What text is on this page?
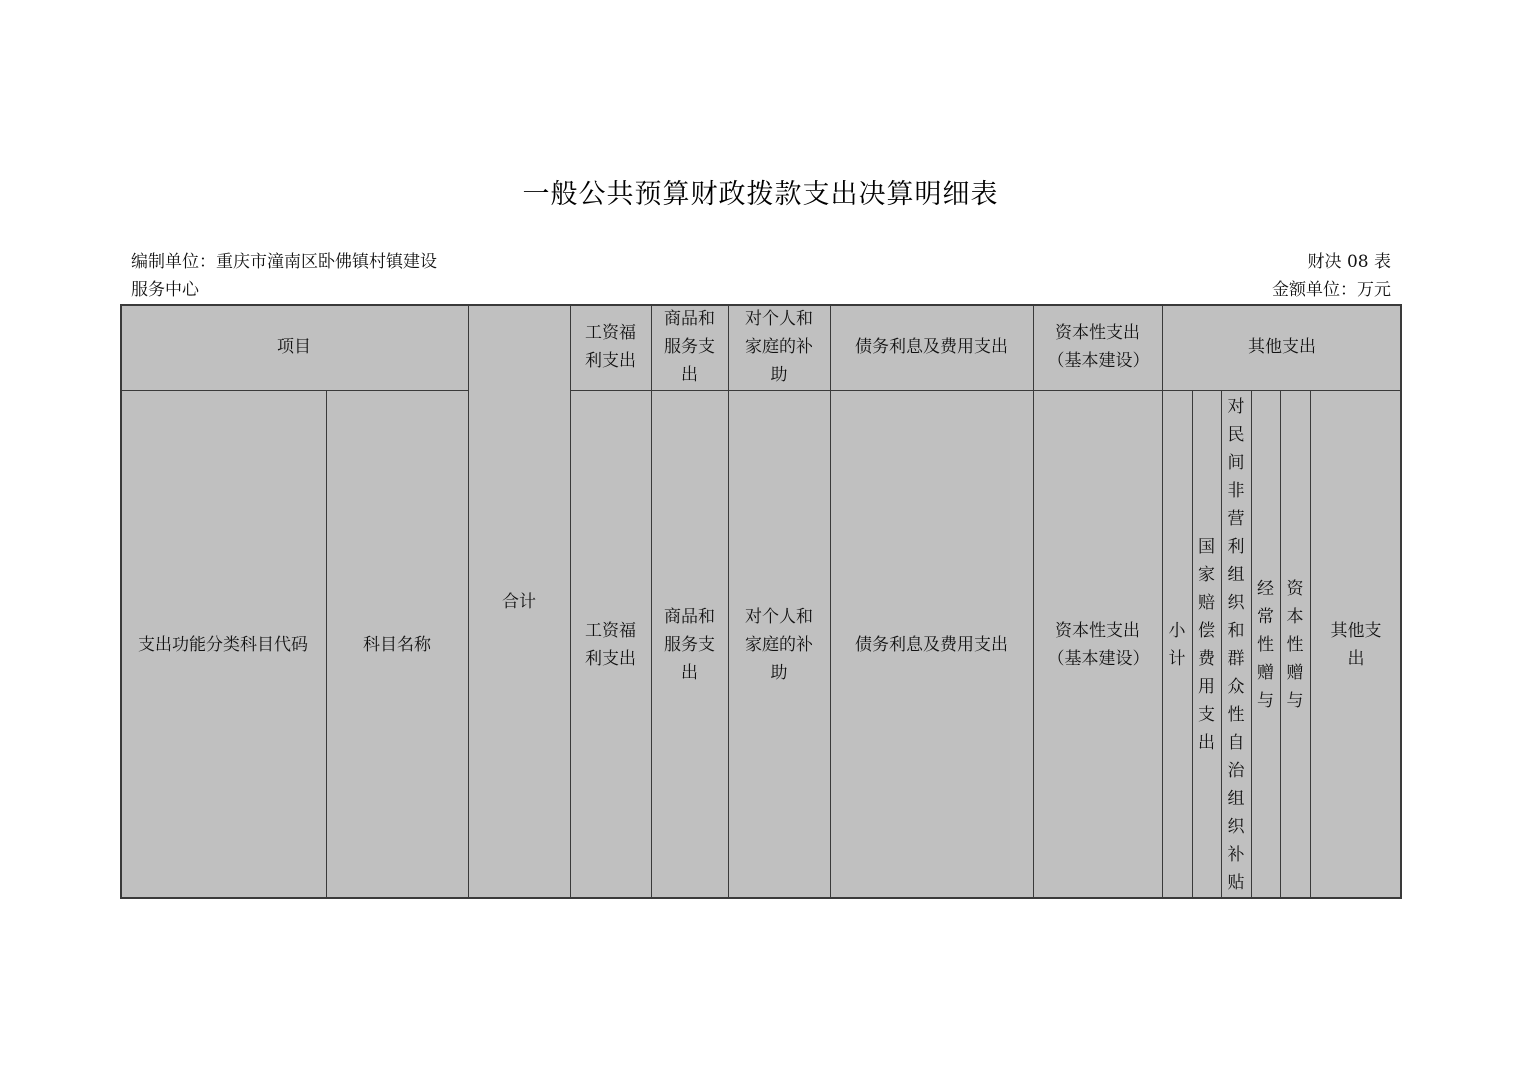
一般公共预算财政拨款支出决算明细表
编制单位：重庆市潼南区卧佛镇村镇建设
服务中心
财决 08 表
金额单位：万元
项目
合计
工资福利支出
商品和服务支出
对个人和家庭的补助
债务利息及费用支出
资本性支出（基本建设）
其他支出
支出功能分类科目代码	科目名称
工资福利支出
商品和服务支出
对个人和家庭的补助
债务利息及费用支出
资本性支出（基本建设）
小计
国家赔偿费用支出
对民间非营利组织和群众性自治组织补贴
经常性赠与
资本性赠与
其他支出
